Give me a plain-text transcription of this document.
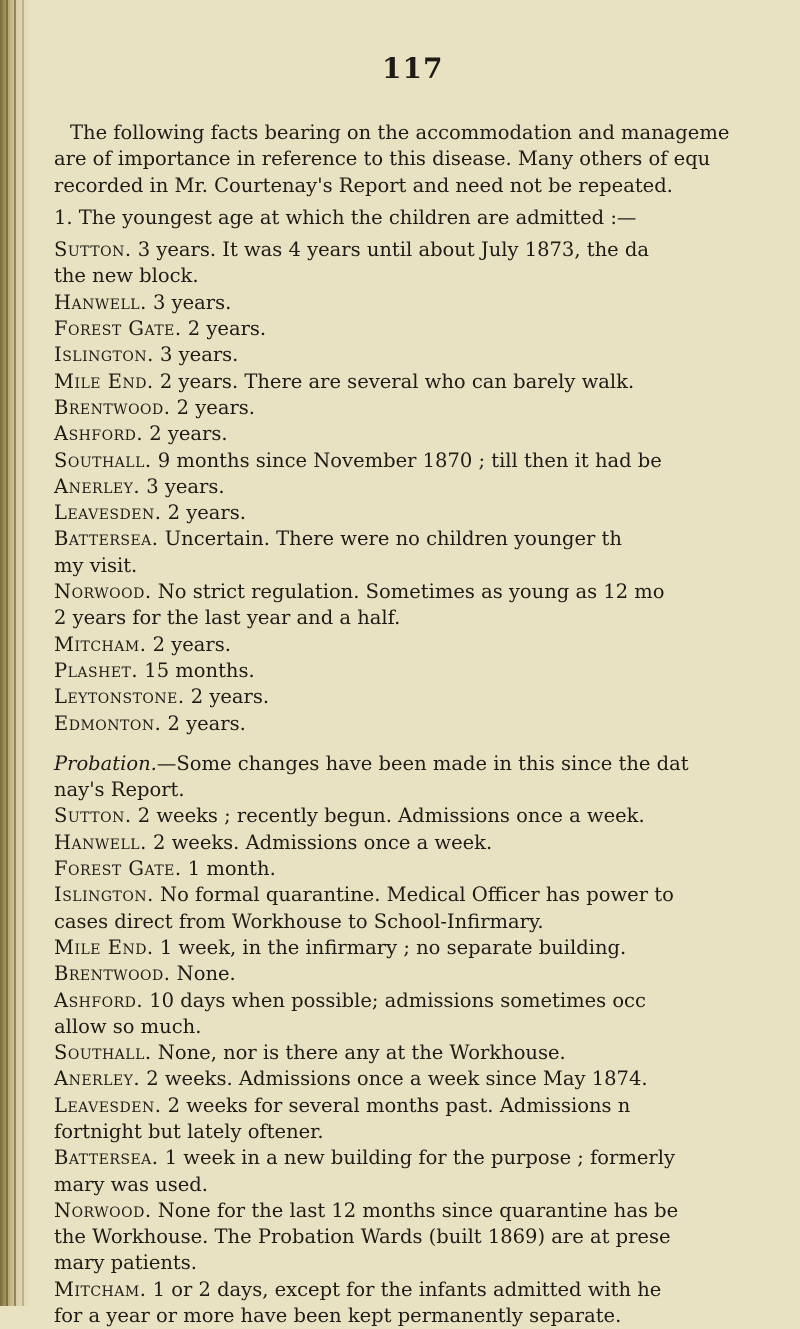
117
The following facts bearing on the accommodation and manageme
are of importance in reference to this disease. Many others of equ
recorded in Mr. Courtenay's Report and need not be repeated.
1. The youngest age at which the children are admitted :—
Sutton. 3 years. It was 4 years until about July 1873, the da
the new block.
Hanwell. 3 years.
Forest Gate. 2 years.
Islington. 3 years.
Mile End. 2 years. There are several who can barely walk.
Brentwood. 2 years.
Ashford. 2 years.
Southall. 9 months since November 1870 ; till then it had be
Anerley. 3 years.
Leavesden. 2 years.
Battersea. Uncertain. There were no children younger th
my visit.
Norwood. No strict regulation. Sometimes as young as 12 mo
2 years for the last year and a half.
Mitcham. 2 years.
Plashet. 15 months.
Leytonstone. 2 years.
Edmonton. 2 years.
Probation.—Some changes have been made in this since the dat
nay's Report.
Sutton. 2 weeks ; recently begun. Admissions once a week.
Hanwell. 2 weeks. Admissions once a week.
Forest Gate. 1 month.
Islington. No formal quarantine. Medical Officer has power to
cases direct from Workhouse to School-Infirmary.
Mile End. 1 week, in the infirmary ; no separate building.
Brentwood. None.
Ashford. 10 days when possible; admissions sometimes occ
allow so much.
Southall. None, nor is there any at the Workhouse.
Anerley. 2 weeks. Admissions once a week since May 1874.
Leavesden. 2 weeks for several months past. Admissions n
fortnight but lately oftener.
Battersea. 1 week in a new building for the purpose ; formerly
mary was used.
Norwood. None for the last 12 months since quarantine has be
the Workhouse. The Probation Wards (built 1869) are at prese
mary patients.
Mitcham. 1 or 2 days, except for the infants admitted with he
for a year or more have been kept permanently separate.
